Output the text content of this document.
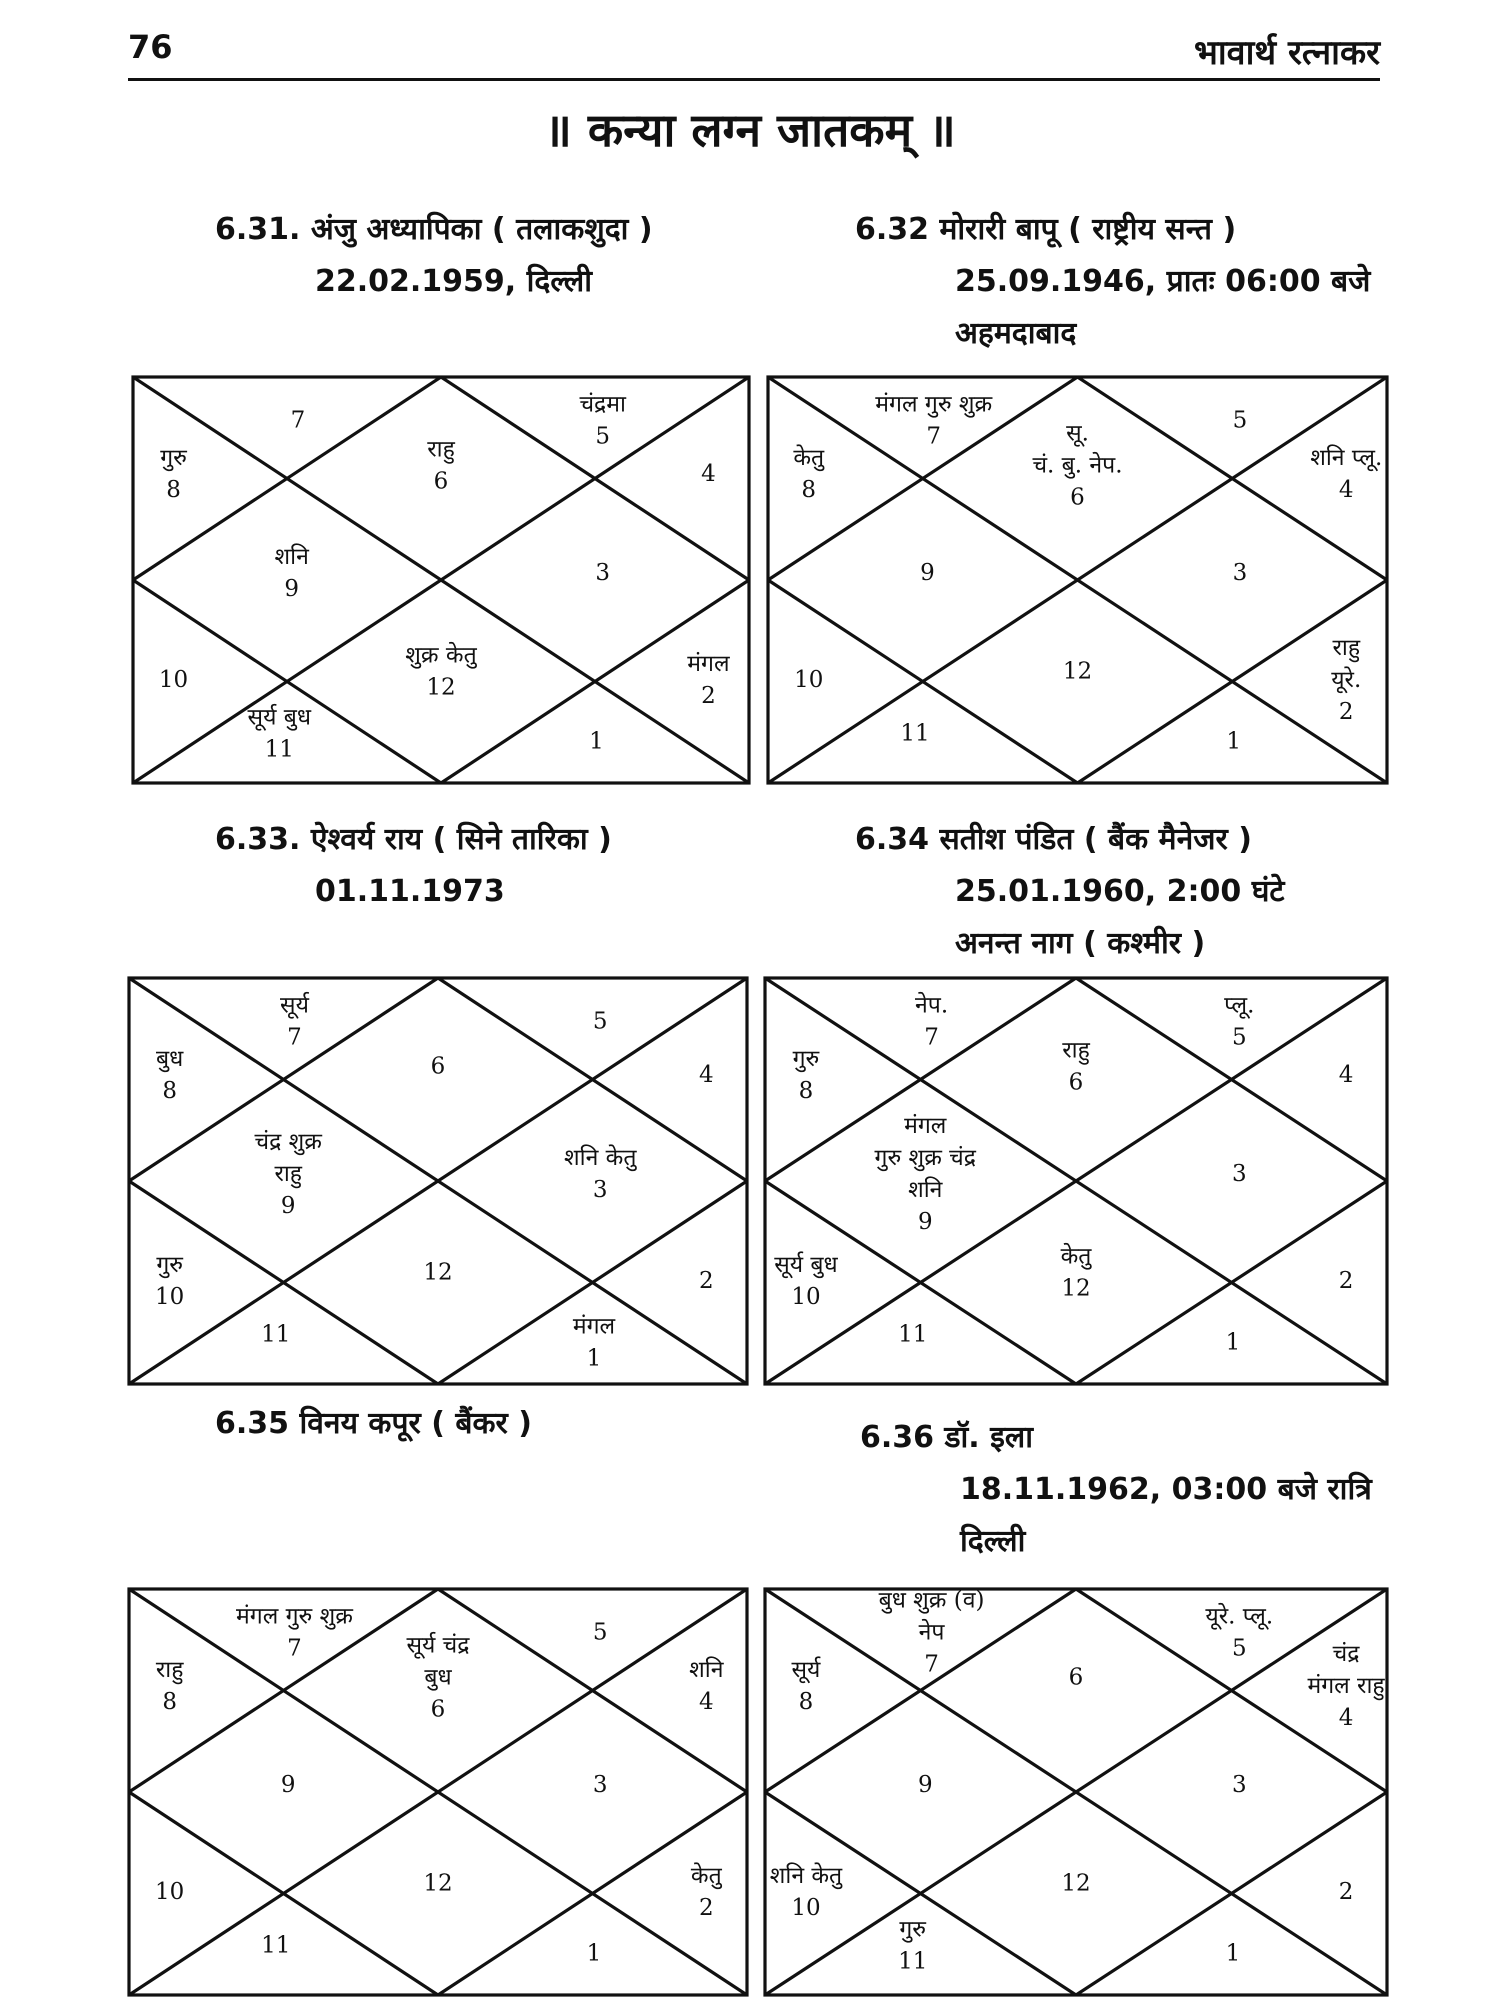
76	भावार्थ रत्नाकर
॥ कन्या लग्न जातकम् ॥
6.31. अंजु अध्यापिका ( तलाकशुदा )
22.02.1959, दिल्ली
6.32 मोरारी बापू ( राष्ट्रीय सन्त )
25.09.1946, प्रातः 06:00 बजे
अहमदाबाद
6.33. ऐश्वर्य राय ( सिने तारिका )
01.11.1973
6.34 सतीश पंडित ( बैंक मैनेजर )
25.01.1960, 2:00 घंटे
अनन्त नाग ( कश्मीर )
6.35 विनय कपूर ( बैंकर )	6.36 डॉ. इला
18.11.1962, 03:00 बजे रात्रि
दिल्ली
7
चंद्रमा
5
गुरु
8
राहु
6	4
शनि
9
3
10
शुक्र केतु
12
मंगल
2
सूर्य बुध
11	1
मंगल गुरु शुक्र
7
5
केतु
8
सू.
चं. बु. नेप.
6
शनि प्लू.
4
9	3
10	12
राहु
यूरे.
2
11	1
सूर्य
7
5
बुध
8
6	4
चंद्र शुक्र
राहु
9
शनि केतु
3
गुरु
10
12	2
11	मंगल
1
नेप.
7
प्लू.
5
गुरु
8
राहु
6	4
मंगल
गुरु शुक्र चंद्र
शनि
9
3
सूर्य बुध
10
केतु
12	2
11	1
मंगल गुरु शुक्र
7
5
राहु
8
सूर्य चंद्र
बुध
6
शनि
4
9	3
10	12	केतु
2
11	1
बुध शुक्र (व)
नेप
7
यूरे. प्लू.
5
सूर्य
8
6
चंद्र
मंगल राहु
4
9	3
शनि केतु
10
12	2
गुरु
11	1
